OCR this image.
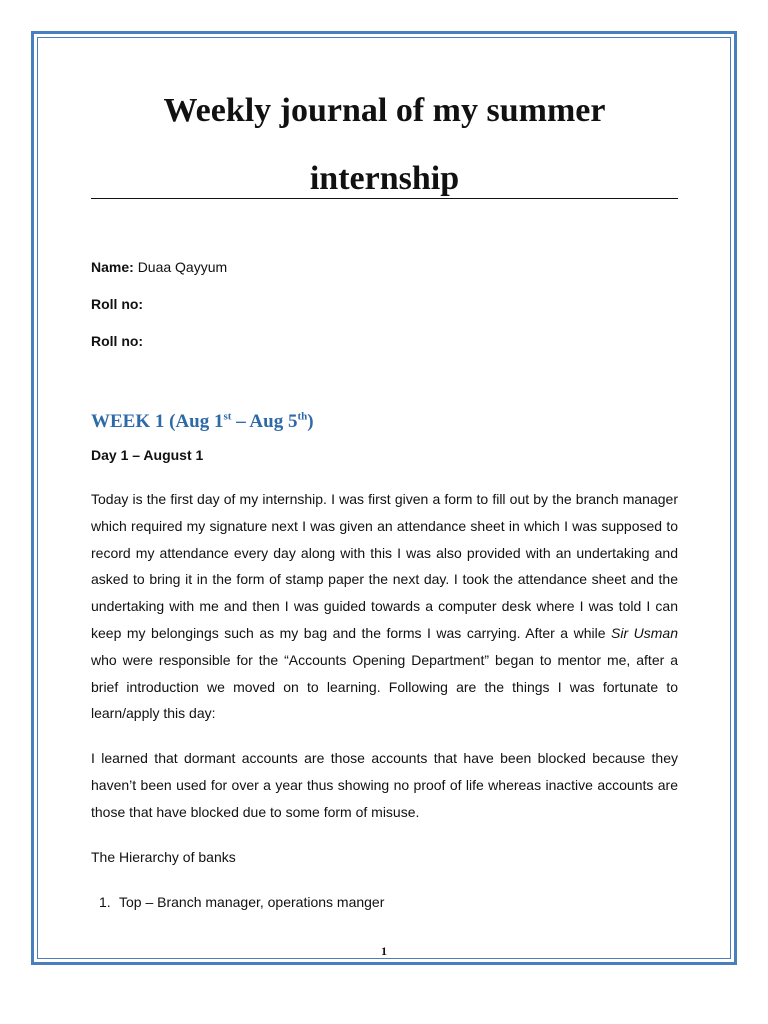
Weekly journal of my summer
internship
Name: Duaa Qayyum
Roll no:
Roll no:
WEEK 1 (Aug 1st – Aug 5th)
Day 1 – August 1

Today is the first day of my internship. I was first given a form to fill out by the branch manager which required my signature next I was given an attendance sheet in which I was supposed to record my attendance every day along with this I was also provided with an undertaking and asked to bring it in the form of stamp paper the next day. I took the attendance sheet and the undertaking with me and then I was guided towards a computer desk where I was told I can keep my belongings such as my bag and the forms I was carrying. After a while Sir Usman who were responsible for the “Accounts Opening Department” began to mentor me, after a brief introduction we moved on to learning. Following are the things I was fortunate to learn/apply this day:

I learned that dormant accounts are those accounts that have been blocked because they haven’t been used for over a year thus showing no proof of life whereas inactive accounts are those that have blocked due to some form of misuse.

The Hierarchy of banks

1. Top – Branch manager, operations manger
1
